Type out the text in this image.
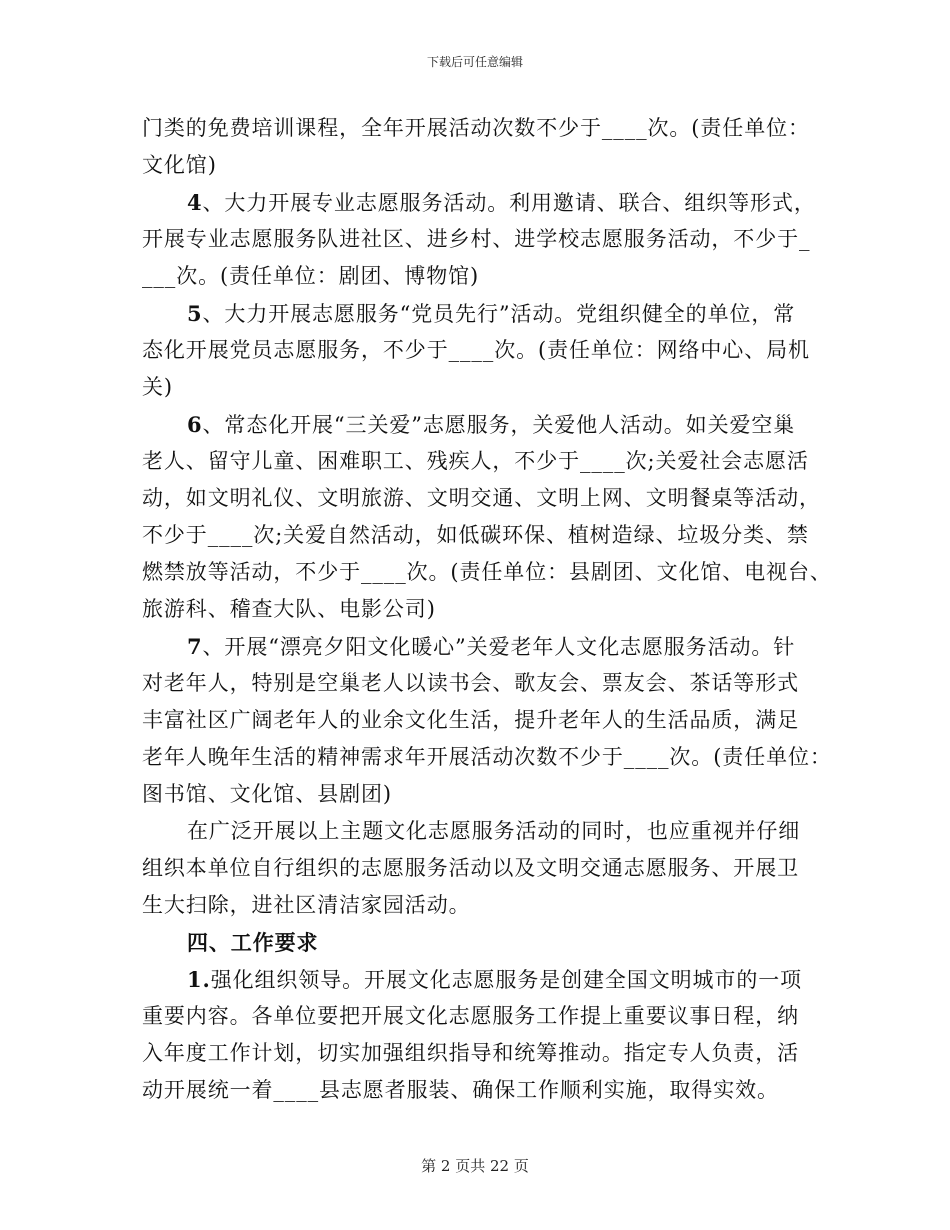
下载后可任意编辑
门类的免费培训课程，全年开展活动次数不少于____次。(责任单位：
文化馆)
4、大力开展专业志愿服务活动。利用邀请、联合、组织等形式，
开展专业志愿服务队进社区、进乡村、进学校志愿服务活动，不少于_
___次。(责任单位：剧团、博物馆)
5、大力开展志愿服务“党员先行”活动。党组织健全的单位，常
态化开展党员志愿服务，不少于____次。(责任单位：网络中心、局机
关)
6、常态化开展“三关爱”志愿服务，关爱他人活动。如关爱空巢
老人、留守儿童、困难职工、残疾人，不少于____次;关爱社会志愿活
动，如文明礼仪、文明旅游、文明交通、文明上网、文明餐桌等活动，
不少于____次;关爱自然活动，如低碳环保、植树造绿、垃圾分类、禁
燃禁放等活动，不少于____次。(责任单位：县剧团、文化馆、电视台、
旅游科、稽查大队、电影公司)
7、开展“漂亮夕阳文化暖心”关爱老年人文化志愿服务活动。针
对老年人，特别是空巢老人以读书会、歌友会、票友会、茶话等形式
丰富社区广阔老年人的业余文化生活，提升老年人的生活品质，满足
老年人晚年生活的精神需求年开展活动次数不少于____次。(责任单位：
图书馆、文化馆、县剧团)
在广泛开展以上主题文化志愿服务活动的同时，也应重视并仔细
组织本单位自行组织的志愿服务活动以及文明交通志愿服务、开展卫
生大扫除，进社区清洁家园活动。
四、工作要求
1.强化组织领导。开展文化志愿服务是创建全国文明城市的一项
重要内容。各单位要把开展文化志愿服务工作提上重要议事日程，纳
入年度工作计划，切实加强组织指导和统筹推动。指定专人负责，活
动开展统一着____县志愿者服装、确保工作顺利实施，取得实效。
第 2 页共 22 页
